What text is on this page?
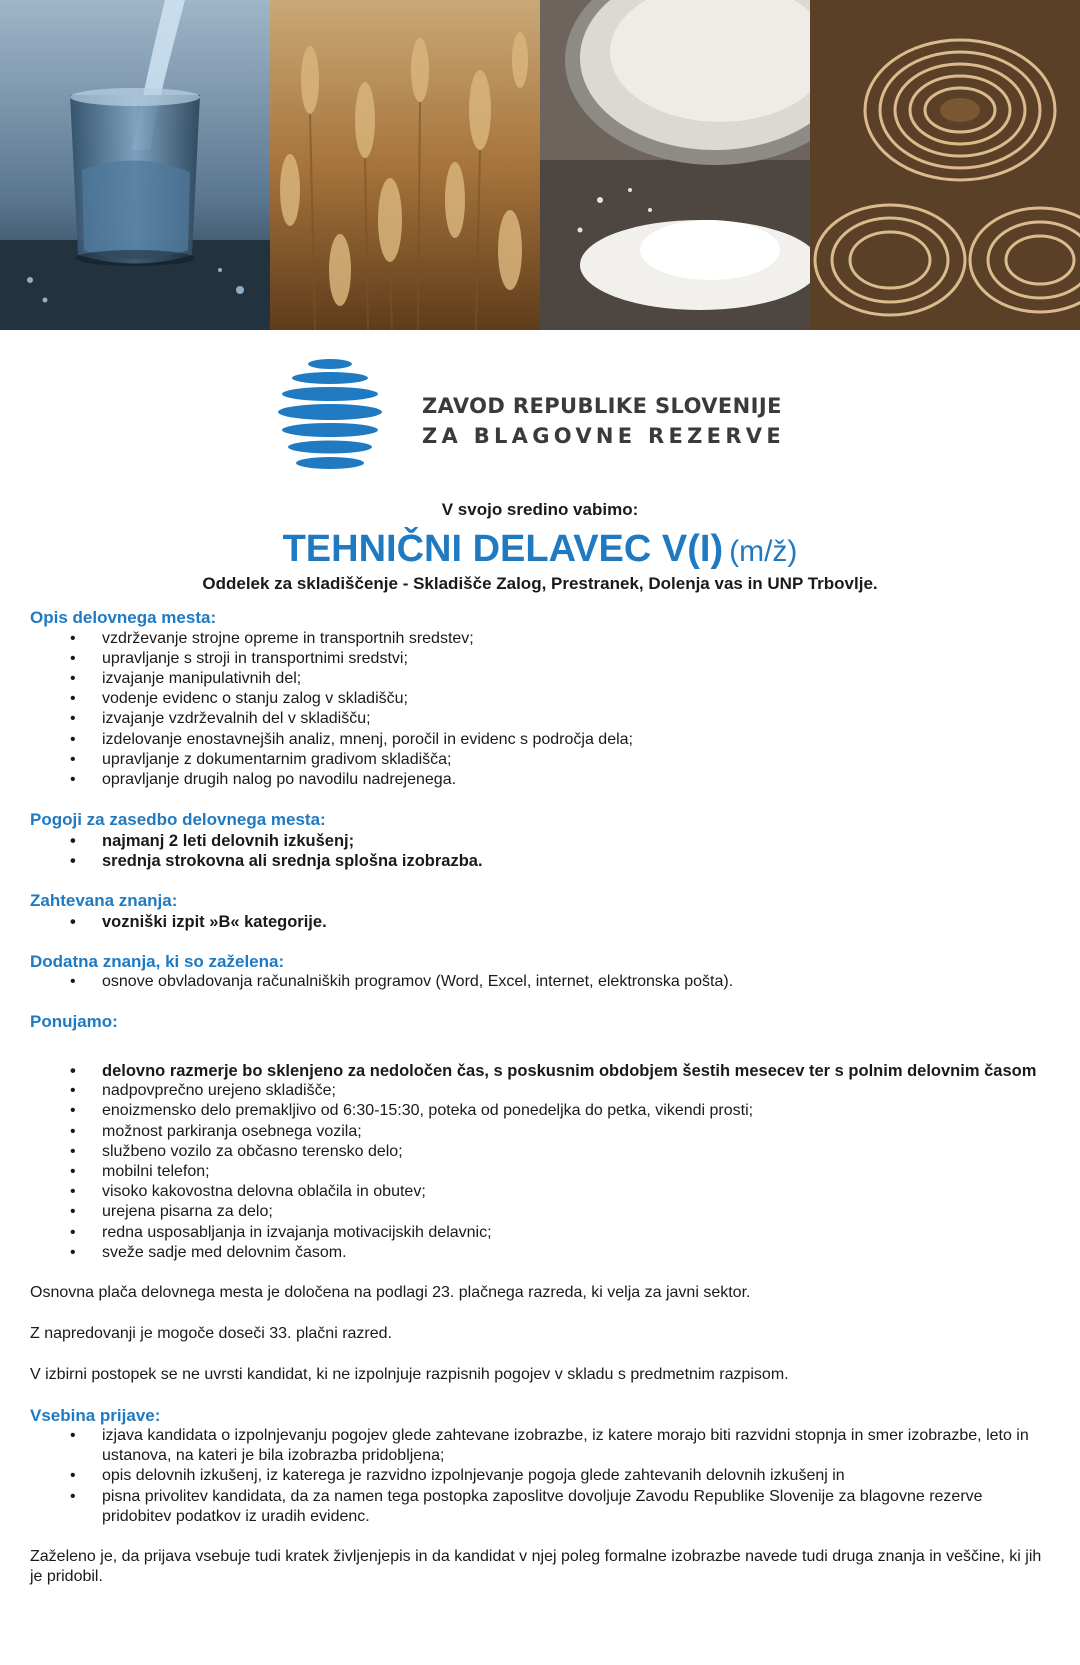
ZAVOD REPUBLIKE SLOVENIJE
ZA BLAGOVNE REZERVE
V svojo sredino vabimo:
TEHNIČNI DELAVEC V(I) (m/ž)
Oddelek za skladiščenje - Skladišče Zalog, Prestranek, Dolenja vas in UNP Trbovlje.

Opis delovnega mesta:

• vzdrževanje strojne opreme in transportnih sredstev;
• upravljanje s stroji in transportnimi sredstvi;
• izvajanje manipulativnih del;
• vodenje evidenc o stanju zalog v skladišču;
• izvajanje vzdrževalnih del v skladišču;
• izdelovanje enostavnejših analiz, mnenj, poročil in evidenc s področja dela;
• upravljanje z dokumentarnim gradivom skladišča;
• opravljanje drugih nalog po navodilu nadrejenega.

Pogoji za zasedbo delovnega mesta:

• najmanj 2 leti delovnih izkušenj;
• srednja strokovna ali srednja splošna izobrazba.

Zahtevana znanja:

• vozniški izpit »B« kategorije.

Dodatna znanja, ki so zaželena:

• osnove obvladovanja računalniških programov (Word, Excel, internet, elektronska pošta).

Ponujamo:

• delovno razmerje bo sklenjeno za nedoločen čas, s poskusnim obdobjem šestih mesecev ter s polnim delovnim časom
• nadpovprečno urejeno skladišče;
• enoizmensko delo premakljivo od 6:30-15:30, poteka od ponedeljka do petka, vikendi prosti;
• možnost parkiranja osebnega vozila;
• službeno vozilo za občasno terensko delo;
• mobilni telefon;
• visoko kakovostna delovna oblačila in obutev;
• urejena pisarna za delo;
• redna usposabljanja in izvajanja motivacijskih delavnic;
• sveže sadje med delovnim časom.

Osnovna plača delovnega mesta je določena na podlagi 23. plačnega razreda, ki velja za javni sektor.

Z napredovanji je mogoče doseči 33. plačni razred.

V izbirni postopek se ne uvrsti kandidat, ki ne izpolnjuje razpisnih pogojev v skladu s predmetnim razpisom.

Vsebina prijave:

• izjava kandidata o izpolnjevanju pogojev glede zahtevane izobrazbe, iz katere morajo biti razvidni stopnja in smer izobrazbe, leto in ustanova, na kateri je bila izobrazba pridobljena;
• opis delovnih izkušenj, iz katerega je razvidno izpolnjevanje pogoja glede zahtevanih delovnih izkušenj in
• pisna privolitev kandidata, da za namen tega postopka zaposlitve dovoljuje Zavodu Republike Slovenije za blagovne rezerve pridobitev podatkov iz uradih evidenc.

Zaželeno je, da prijava vsebuje tudi kratek življenjepis in da kandidat v njej poleg formalne izobrazbe navede tudi druga znanja in veščine, ki jih je pridobil.
